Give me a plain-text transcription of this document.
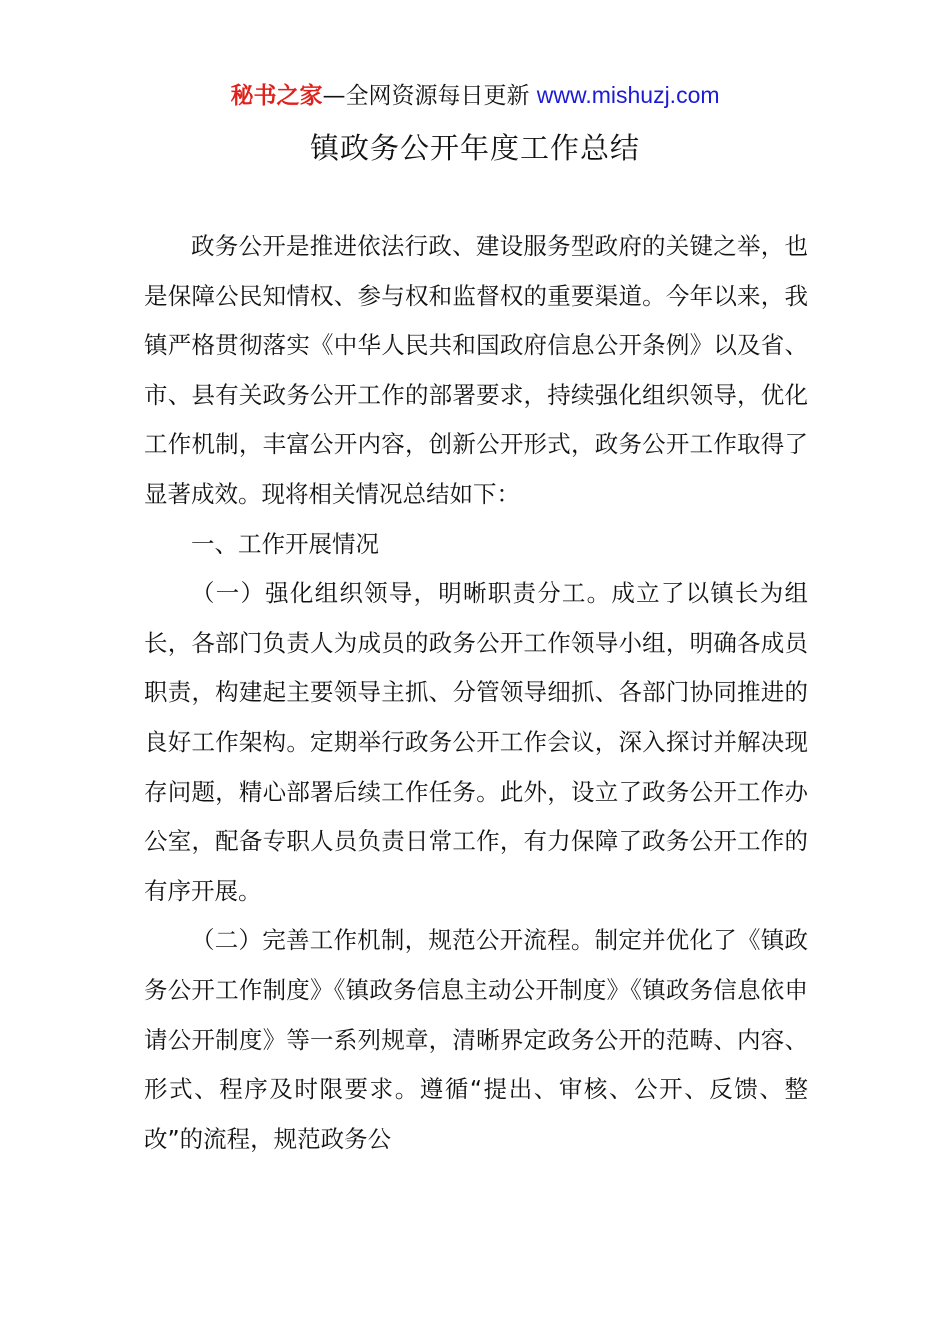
秘书之家—全网资源每日更新 www.mishuzj.com
镇政务公开年度工作总结

政务公开是推进依法行政、建设服务型政府的关键之举，也是保障公民知情权、参与权和监督权的重要渠道。今年以来，我镇严格贯彻落实《中华人民共和国政府信息公开条例》以及省、市、县有关政务公开工作的部署要求，持续强化组织领导，优化工作机制，丰富公开内容，创新公开形式，政务公开工作取得了显著成效。现将相关情况总结如下：

一、工作开展情况

（一）强化组织领导，明晰职责分工。成立了以镇长为组长，各部门负责人为成员的政务公开工作领导小组，明确各成员职责，构建起主要领导主抓、分管领导细抓、各部门协同推进的良好工作架构。定期举行政务公开工作会议，深入探讨并解决现存问题，精心部署后续工作任务。此外，设立了政务公开工作办公室，配备专职人员负责日常工作，有力保障了政务公开工作的有序开展。

（二）完善工作机制，规范公开流程。制定并优化了《镇政务公开工作制度》《镇政务信息主动公开制度》《镇政务信息依申请公开制度》等一系列规章，清晰界定政务公开的范畴、内容、形式、程序及时限要求。遵循“提出、审核、公开、反馈、整改”的流程，规范政务公
